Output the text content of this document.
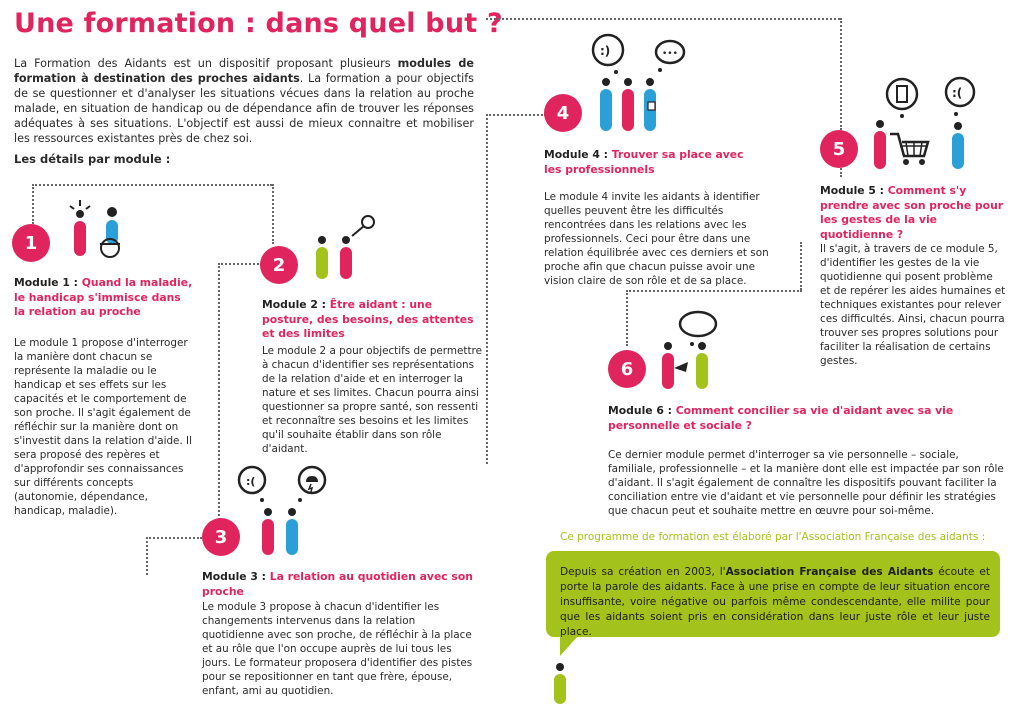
Une formation : dans quel but ?
La Formation des Aidants est un dispositif proposant plusieurs modules de formation à destination des proches aidants. La formation a pour objectifs de se questionner et d'analyser les situations vécues dans la relation au proche malade, en situation de handicap ou de dépendance afin de trouver les réponses adéquates à ses situations. L'objectif est aussi de mieux connaitre et mobiliser les ressources existantes près de chez soi.
Les détails par module :
1
Module 1 : Quand la maladie, le handicap s'immisce dans la relation au proche
Le module 1 propose d'interroger la manière dont chacun se représente la maladie ou le handicap et ses effets sur les capacités et le comportement de son proche. Il s'agit également de réfléchir sur la manière dont on s'investit dans la relation d'aide. Il sera proposé des repères et d'approfondir ses connaissances sur différents concepts (autonomie, dépendance, handicap, maladie).
2
Module 2 : Être aidant : une posture, des besoins, des attentes et des limites
Le module 2 a pour objectifs de permettre à chacun d'identifier ses représentations de la relation d'aide et en interroger la nature et ses limites. Chacun pourra ainsi questionner sa propre santé, son ressenti et reconnaître ses besoins et les limites qu'il souhaite établir dans son rôle d'aidant.
3
:(
Module 3 : La relation au quotidien avec son proche
Le module 3 propose à chacun d'identifier les changements intervenus dans la relation quotidienne avec son proche, de réfléchir à la place et au rôle que l'on occupe auprès de lui tous les jours. Le formateur proposera d'identifier des pistes pour se repositionner en tant que frère, épouse, enfant, ami au quotidien.
4
:)	•••
Module 4 : Trouver sa place avec les professionnels
Le module 4 invite les aidants à identifier quelles peuvent être les difficultés rencontrées dans les relations avec les professionnels. Ceci pour être dans une relation équilibrée avec ces derniers et son proche afin que chacun puisse avoir une vision claire de son rôle et de sa place.
5
:(
Module 5 : Comment s'y prendre avec son proche pour les gestes de la vie quotidienne ?
Il s'agit, à travers de ce module 5, d'identifier les gestes de la vie quotidienne qui posent problème et de repérer les aides humaines et techniques existantes pour relever ces difficultés. Ainsi, chacun pourra trouver ses propres solutions pour faciliter la réalisation de certains gestes.
6
Module 6 : Comment concilier sa vie d'aidant avec sa vie personnelle et sociale ?
Ce dernier module permet d'interroger sa vie personnelle – sociale, familiale, professionnelle – et la manière dont elle est impactée par son rôle d'aidant. Il s'agit également de connaître les dispositifs pouvant faciliter la conciliation entre vie d'aidant et vie personnelle pour définir les stratégies que chacun peut et souhaite mettre en œuvre pour soi-même.
Ce programme de formation est élaboré par l'Association Française des aidants :
Depuis sa création en 2003, l'Association Française des Aidants écoute et porte la parole des aidants. Face à une prise en compte de leur situation encore insuffisante, voire négative ou parfois même condescendante, elle milite pour que les aidants soient pris en considération dans leur juste rôle et leur juste place.
